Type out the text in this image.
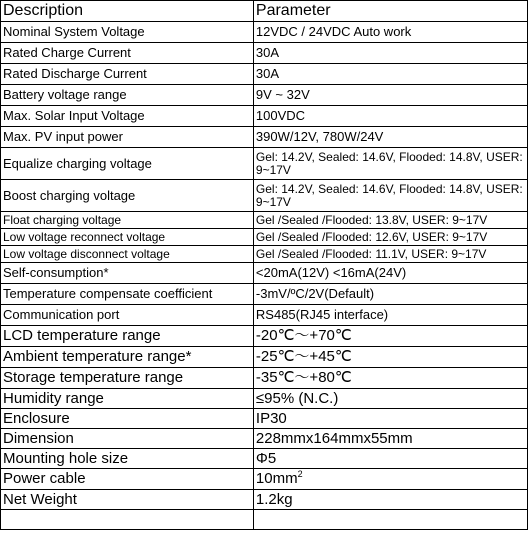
Description	Parameter
Nominal System Voltage	12VDC / 24VDC Auto work
Rated Charge Current	30A
Rated Discharge Current	30A
Battery voltage range	9V ~ 32V
Max. Solar Input Voltage	100VDC
Max. PV input power	390W/12V, 780W/24V
Equalize charging voltage	Gel: 14.2V, Sealed: 14.6V, Flooded: 14.8V, USER: 9~17V
Boost charging voltage	Gel: 14.2V, Sealed: 14.6V, Flooded: 14.8V, USER: 9~17V
Float charging voltage	Gel /Sealed /Flooded: 13.8V, USER: 9~17V
Low voltage reconnect voltage	Gel /Sealed /Flooded: 12.6V, USER: 9~17V
Low voltage disconnect voltage	Gel /Sealed /Flooded: 11.1V, USER: 9~17V
Self-consumption*	<20mA(12V) <16mA(24V)
Temperature compensate coefficient	-3mV/ºC/2V(Default)
Communication port	RS485(RJ45 interface)
LCD temperature range	-20℃～+70℃
Ambient temperature range*	-25℃～+45℃
Storage temperature range	-35℃～+80℃
Humidity range	≤95% (N.C.)
Enclosure	IP30
Dimension	228mmx164mmx55mm
Mounting hole size	Φ5
Power cable	$10mm^2$
Net Weight	1.2kg
